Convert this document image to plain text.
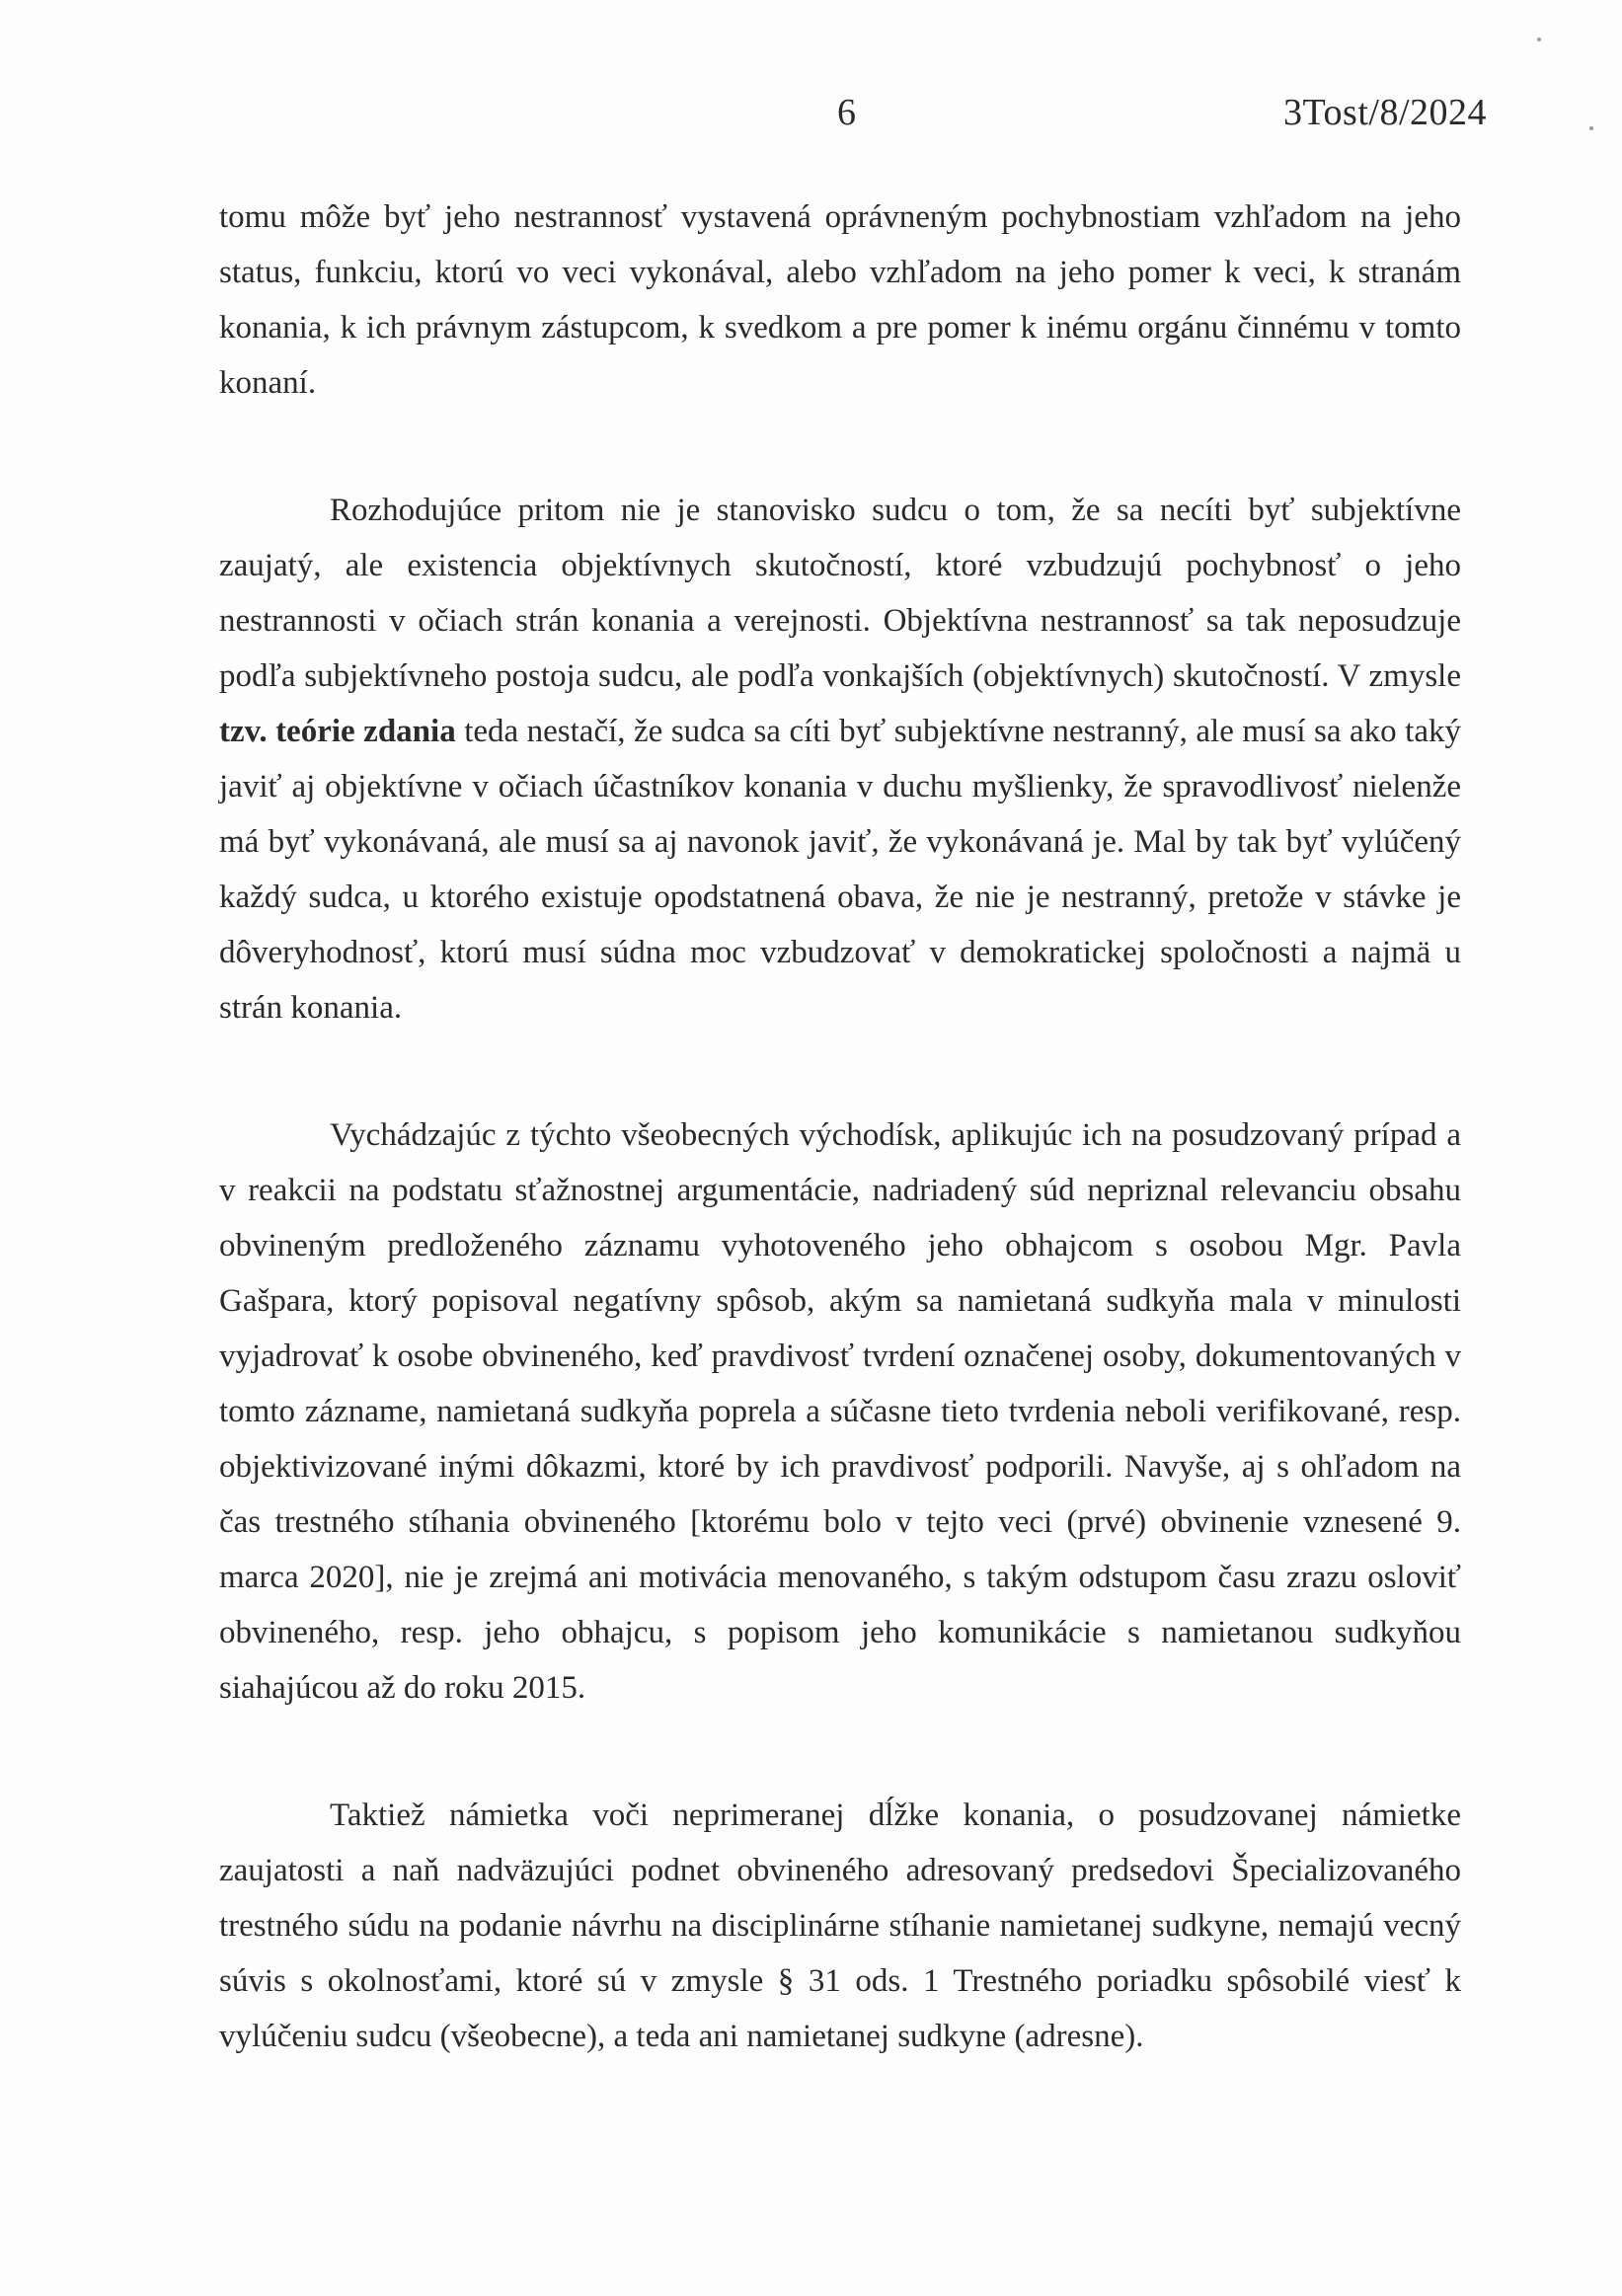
6	3Tost/8/2024

tomu môže byť jeho nestrannosť vystavená oprávneným pochybnostiam vzhľadom na jeho status, funkciu, ktorú vo veci vykonával, alebo vzhľadom na jeho pomer k veci, k stranám konania, k ich právnym zástupcom, k svedkom a pre pomer k inému orgánu činnému v tomto konaní.

Rozhodujúce pritom nie je stanovisko sudcu o tom, že sa necíti byť subjektívne zaujatý, ale existencia objektívnych skutočností, ktoré vzbudzujú pochybnosť o jeho nestrannosti v očiach strán konania a verejnosti. Objektívna nestrannosť sa tak neposudzuje podľa subjektívneho postoja sudcu, ale podľa vonkajších (objektívnych) skutočností. V zmysle tzv. teórie zdania teda nestačí, že sudca sa cíti byť subjektívne nestranný, ale musí sa ako taký javiť aj objektívne v očiach účastníkov konania v duchu myšlienky, že spravodlivosť nielenže má byť vykonávaná, ale musí sa aj navonok javiť, že vykonávaná je. Mal by tak byť vylúčený každý sudca, u ktorého existuje opodstatnená obava, že nie je nestranný, pretože v stávke je dôveryhodnosť, ktorú musí súdna moc vzbudzovať v demokratickej spoločnosti a najmä u strán konania.

Vychádzajúc z týchto všeobecných východísk, aplikujúc ich na posudzovaný prípad a v reakcii na podstatu sťažnostnej argumentácie, nadriadený súd nepriznal relevanciu obsahu obvineným predloženého záznamu vyhotoveného jeho obhajcom s osobou Mgr. Pavla Gašpara, ktorý popisoval negatívny spôsob, akým sa namietaná sudkyňa mala v minulosti vyjadrovať k osobe obvineného, keď pravdivosť tvrdení označenej osoby, dokumentovaných v tomto zázname, namietaná sudkyňa poprela a súčasne tieto tvrdenia neboli verifikované, resp. objektivizované inými dôkazmi, ktoré by ich pravdivosť podporili. Navyše, aj s ohľadom na čas trestného stíhania obvineného [ktorému bolo v tejto veci (prvé) obvinenie vznesené 9. marca 2020], nie je zrejmá ani motivácia menovaného, s takým odstupom času zrazu osloviť obvineného, resp. jeho obhajcu, s popisom jeho komunikácie s namietanou sudkyňou siahajúcou až do roku 2015.

Taktiež námietka voči neprimeranej dĺžke konania, o posudzovanej námietke zaujatosti a naň nadväzujúci podnet obvineného adresovaný predsedovi Špecializovaného trestného súdu na podanie návrhu na disciplinárne stíhanie namietanej sudkyne, nemajú vecný súvis s okolnosťami, ktoré sú v zmysle § 31 ods. 1 Trestného poriadku spôsobilé viesť k vylúčeniu sudcu (všeobecne), a teda ani namietanej sudkyne (adresne).
